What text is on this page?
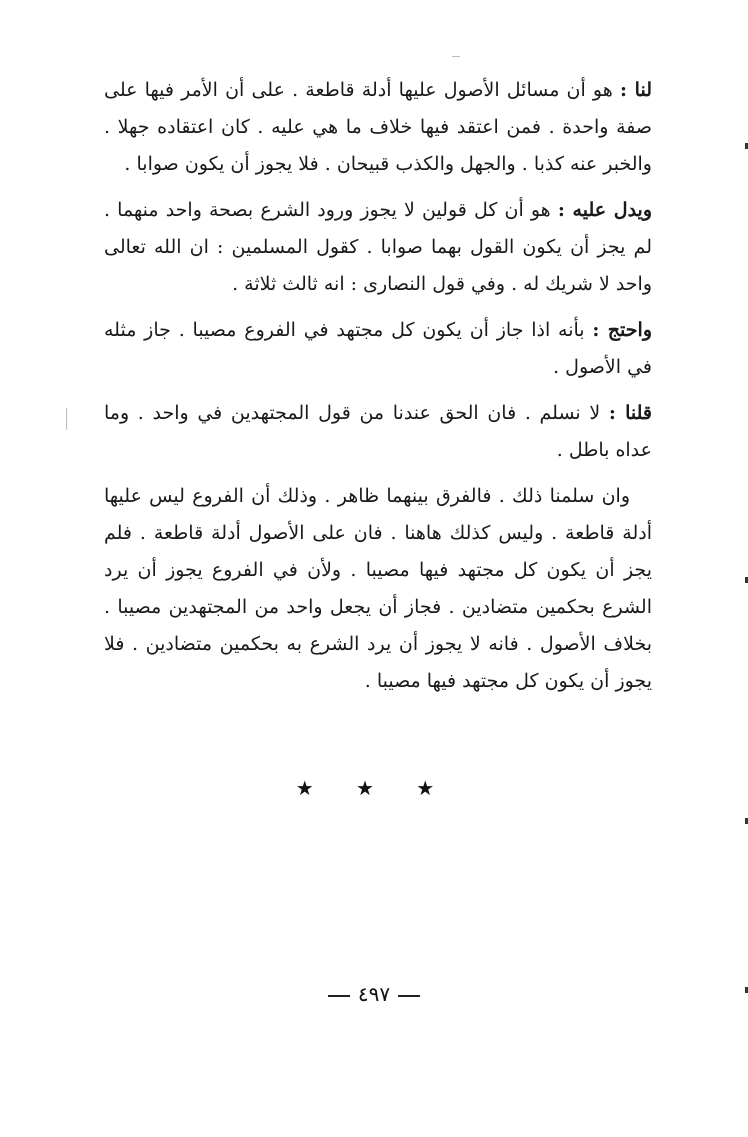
لنا : هو أن مسائل الأصول عليها أدلة قاطعة . على أن الأمر فيها على صفة واحدة . فمن اعتقد فيها خلاف ما هي عليه . كان اعتقاده جهلا . والخبر عنه كذبا . والجهل والكذب قبيحان . فلا يجوز أن يكون صوابا .

ويدل عليه : هو أن كل قولين لا يجوز ورود الشرع بصحة واحد منهما . لم يجز أن يكون القول بهما صوابا . كقول المسلمين : ان الله تعالى واحد لا شريك له . وفي قول النصارى : انه ثالث ثلاثة .

واحتج : بأنه اذا جاز أن يكون كل مجتهد في الفروع مصيبا . جاز مثله في الأصول .

قلنا : لا نسلم . فان الحق عندنا من قول المجتهدين في واحد . وما عداه باطل .

وان سلمنا ذلك . فالفرق بينهما ظاهر . وذلك أن الفروع ليس عليها أدلة قاطعة . وليس كذلك هاهنا . فان على الأصول أدلة قاطعة . فلم يجز أن يكون كل مجتهد فيها مصيبا . ولأن في الفروع يجوز أن يرد الشرع بحكمين متضادين . فجاز أن يجعل واحد من المجتهدين مصيبا . بخلاف الأصول . فانه لا يجوز أن يرد الشرع به بحكمين متضادين . فلا يجوز أن يكون كل مجتهد فيها مصيبا .

★ ★ ★
٤٩٧
